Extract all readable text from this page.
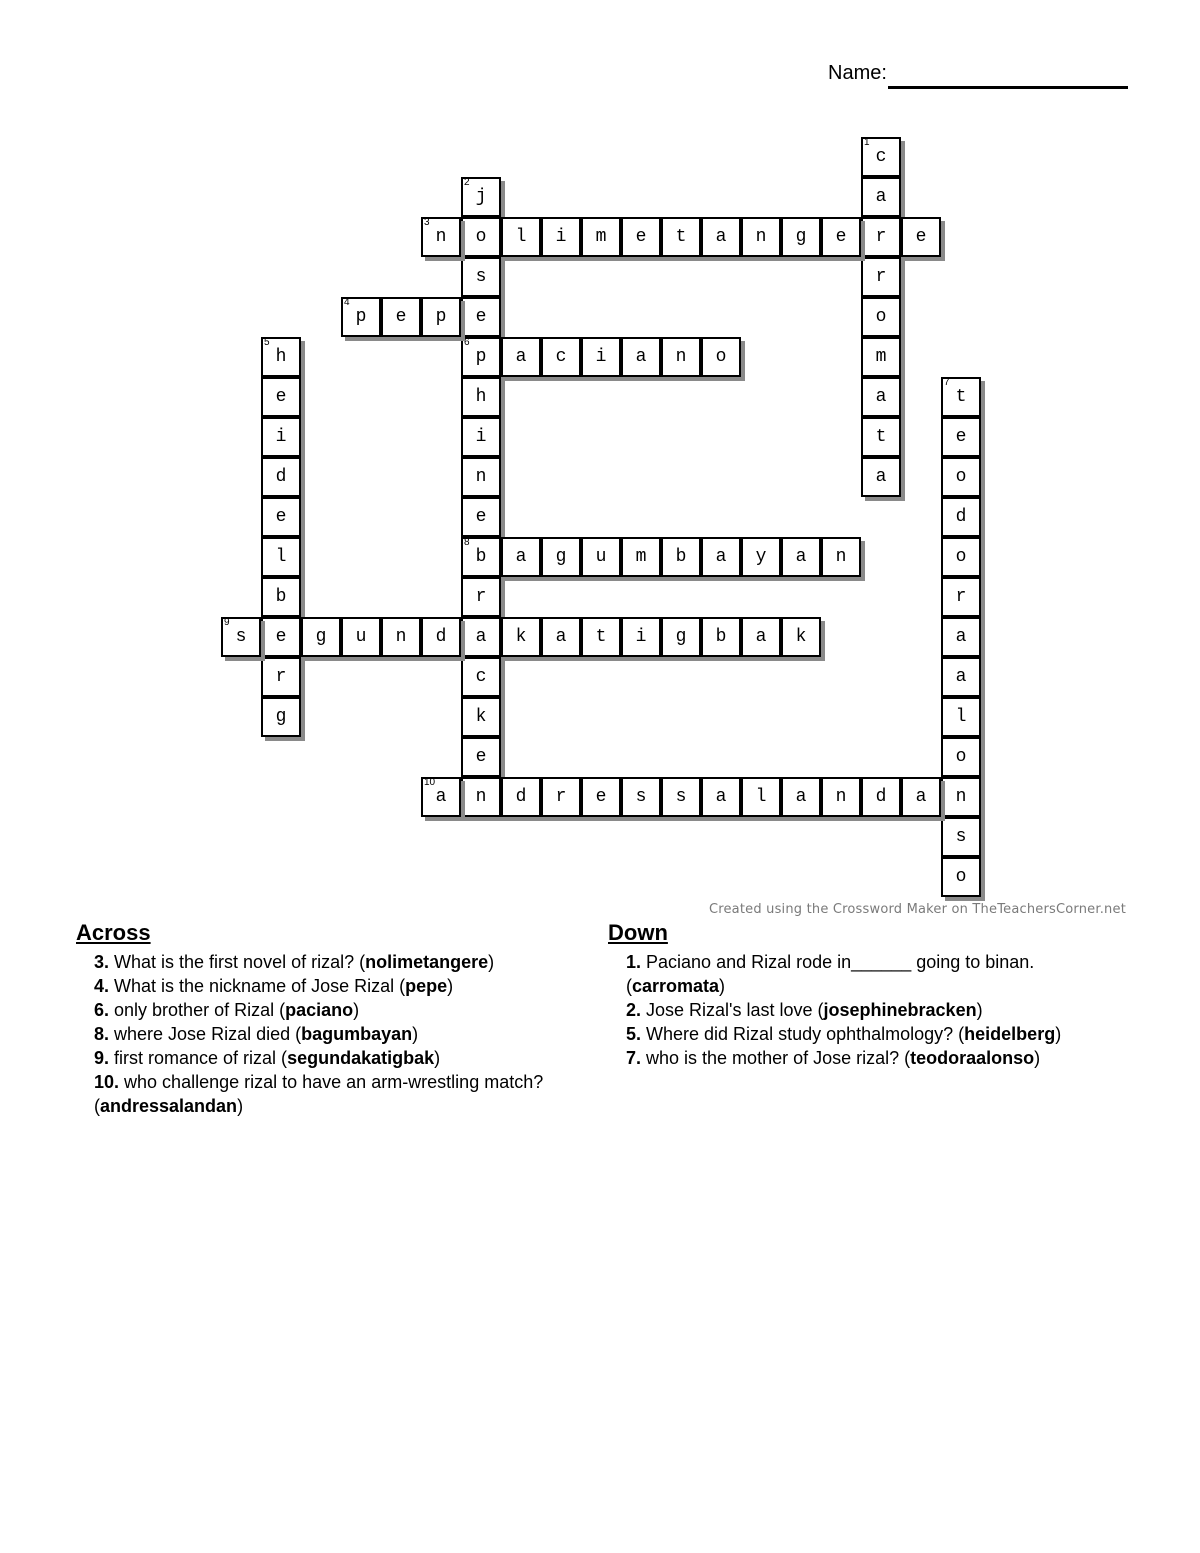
Name:
c
1
a
r
r
o
m
a
t
a
j
2
o
s
e
p
6
h
i
n
e
b
8
r
a
c
k
e
n
n
3
l	i	m	e	t	a	n	g	e	e
p
4
e	p
h
5
e
i
d
e
l
b
e
r
g
a	c	i	a	n	o
t
7
e
o
d
o
r
a
a
l
o
n
s
o
a	g	u	m	b	a	y	a	n
s
9
g	u	n	d	k	a	t	i	g	b	a	k
a
10
d	r	e	s	s	a	l	a	n	d	a
Created using the Crossword Maker on TheTeachersCorner.net
Across
3. What is the first novel of rizal? (nolimetangere)
4. What is the nickname of Jose Rizal (pepe)
6. only brother of Rizal (paciano)
8. where Jose Rizal died (bagumbayan)
9. first romance of rizal (segundakatigbak)
10. who challenge rizal to have an arm-wrestling match? (andressalandan)
Down
1. Paciano and Rizal rode in______ going to binan. (carromata)
2. Jose Rizal's last love (josephinebracken)
5. Where did Rizal study ophthalmology? (heidelberg)
7. who is the mother of Jose rizal? (teodoraalonso)
